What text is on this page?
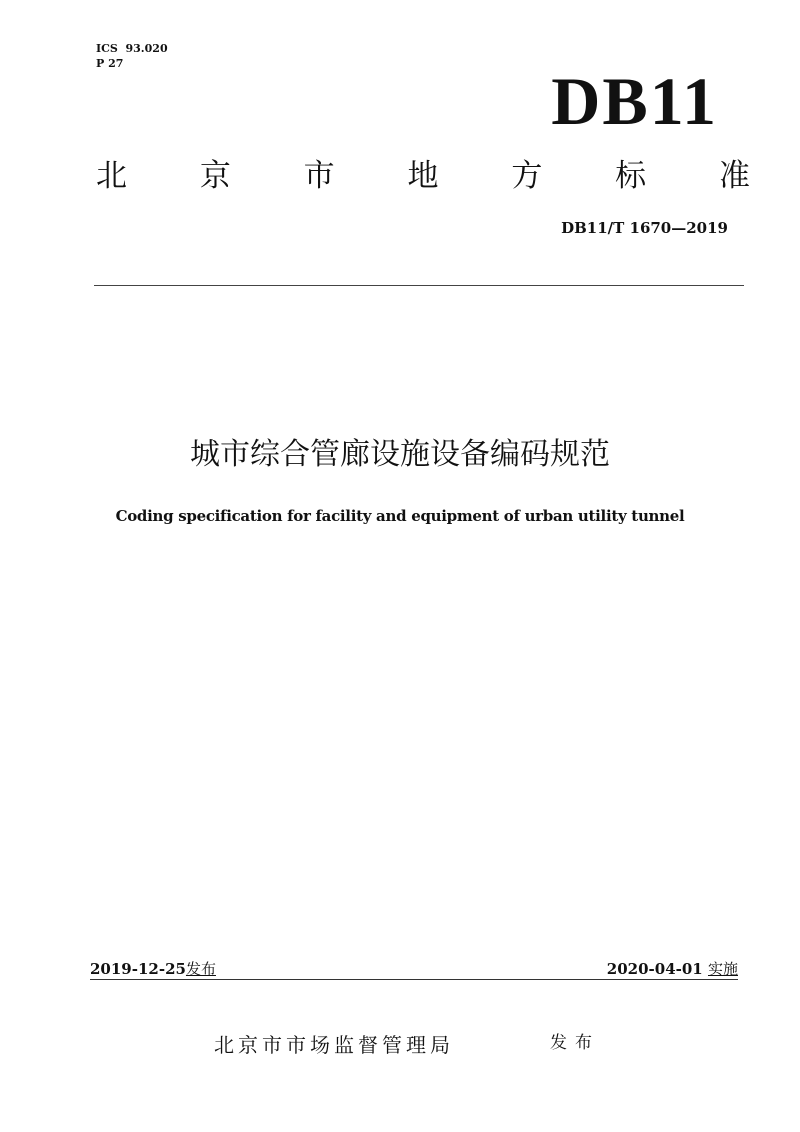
ICS  93.020
P 27	DB11
北 京 市 地 方 标 准
DB11/T 1670—2019
城市综合管廊设施设备编码规范
Coding specification for facility and equipment of urban utility tunnel
2019-12-25发布	2020-04-01 实施
北京市市场监督管理局	发布
